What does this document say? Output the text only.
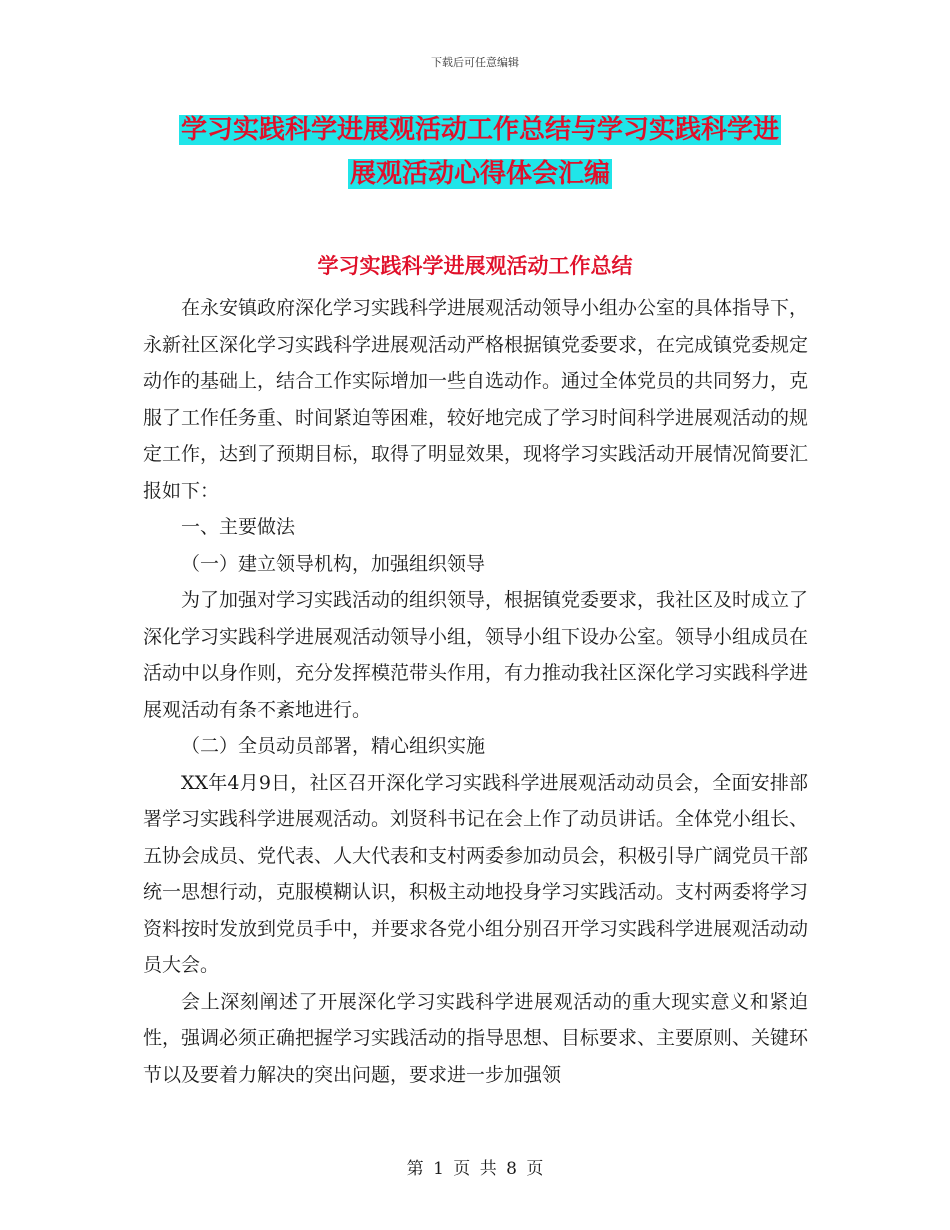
下载后可任意编辑
学习实践科学进展观活动工作总结与学习实践科学进
展观活动心得体会汇编
学习实践科学进展观活动工作总结

在永安镇政府深化学习实践科学进展观活动领导小组办公室的具体指导下，永新社区深化学习实践科学进展观活动严格根据镇党委要求，在完成镇党委规定动作的基础上，结合工作实际增加一些自选动作。通过全体党员的共同努力，克服了工作任务重、时间紧迫等困难，较好地完成了学习时间科学进展观活动的规定工作，达到了预期目标，取得了明显效果，现将学习实践活动开展情况简要汇报如下：

一、主要做法

（一）建立领导机构，加强组织领导

为了加强对学习实践活动的组织领导，根据镇党委要求，我社区及时成立了深化学习实践科学进展观活动领导小组，领导小组下设办公室。领导小组成员在活动中以身作则，充分发挥模范带头作用，有力推动我社区深化学习实践科学进展观活动有条不紊地进行。

（二）全员动员部署，精心组织实施

XX年4月9日，社区召开深化学习实践科学进展观活动动员会，全面安排部署学习实践科学进展观活动。刘贤科书记在会上作了动员讲话。全体党小组长、五协会成员、党代表、人大代表和支村两委参加动员会，积极引导广阔党员干部统一思想行动，克服模糊认识，积极主动地投身学习实践活动。支村两委将学习资料按时发放到党员手中，并要求各党小组分别召开学习实践科学进展观活动动员大会。

会上深刻阐述了开展深化学习实践科学进展观活动的重大现实意义和紧迫性，强调必须正确把握学习实践活动的指导思想、目标要求、主要原则、关键环节以及要着力解决的突出问题，要求进一步加强领

第 1 页 共 8 页
